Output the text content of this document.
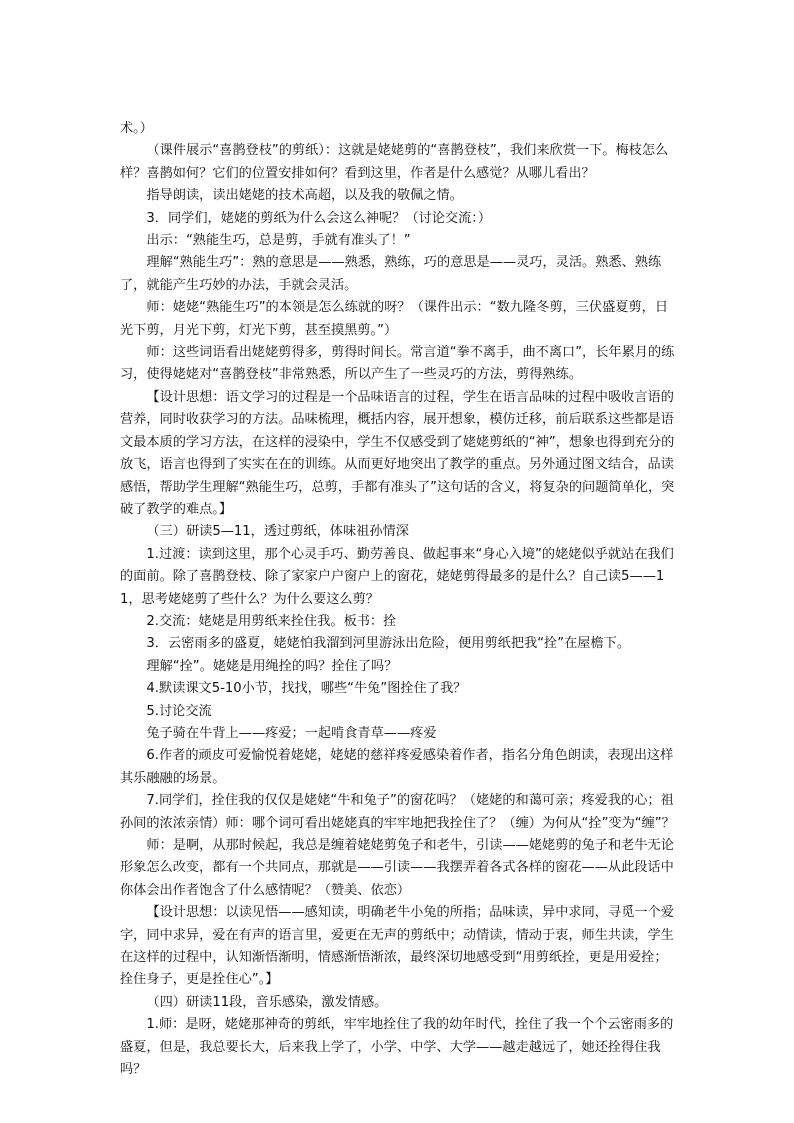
术。）

（课件展示“喜鹊登枝”的剪纸）：这就是姥姥剪的“喜鹊登枝”，我们来欣赏一下。梅枝怎么样？喜鹊如何？它们的位置安排如何？看到这里，作者是什么感觉？从哪儿看出？

指导朗读，读出姥姥的技术高超，以及我的敬佩之情。

3．同学们，姥姥的剪纸为什么会这么神呢？（讨论交流：）

出示：“熟能生巧，总是剪，手就有准头了！”

理解“熟能生巧”：熟的意思是——熟悉，熟练，巧的意思是——灵巧，灵活。熟悉、熟练了，就能产生巧妙的办法，手就会灵活。

师：姥姥“熟能生巧”的本领是怎么练就的呀？（课件出示：“数九隆冬剪，三伏盛夏剪，日光下剪，月光下剪，灯光下剪，甚至摸黑剪。”）

师：这些词语看出姥姥剪得多，剪得时间长。常言道“拳不离手，曲不离口”，长年累月的练习，使得姥姥对“喜鹊登枝”非常熟悉，所以产生了一些灵巧的方法，剪得熟练。

【设计思想：语文学习的过程是一个品味语言的过程，学生在语言品味的过程中吸收言语的营养，同时收获学习的方法。品味梳理，概括内容，展开想象，模仿迁移，前后联系这些都是语文最本质的学习方法，在这样的浸染中，学生不仅感受到了姥姥剪纸的“神”，想象也得到充分的放飞，语言也得到了实实在在的训练。从而更好地突出了教学的重点。另外通过图文结合，品读感悟，帮助学生理解“熟能生巧，总剪，手都有准头了”这句话的含义，将复杂的问题简单化，突破了教学的难点。】

（三）研读5—11，透过剪纸，体味祖孙情深

1.过渡：读到这里，那个心灵手巧、勤劳善良、做起事来“身心入境”的姥姥似乎就站在我们的面前。除了喜鹊登枝、除了家家户户窗户上的窗花，姥姥剪得最多的是什么？自己读5——11，思考姥姥剪了些什么？为什么要这么剪？

2.交流：姥姥是用剪纸来拴住我。板书：拴

3．云密雨多的盛夏，姥姥怕我溜到河里游泳出危险，便用剪纸把我“拴”在屋檐下。

理解“拴”。姥姥是用绳拴的吗？拴住了吗？

4.默读课文5-10小节，找找，哪些“牛兔”图拴住了我？

5.讨论交流

兔子骑在牛背上——疼爱；一起啃食青草——疼爱

6.作者的顽皮可爱愉悦着姥姥，姥姥的慈祥疼爱感染着作者，指名分角色朗读，表现出这样其乐融融的场景。

7.同学们，拴住我的仅仅是姥姥“牛和兔子”的窗花吗？（姥姥的和蔼可亲；疼爱我的心；祖孙间的浓浓亲情）师：哪个词可看出姥姥真的牢牢地把我拴住了？（缠）为何从“拴”变为“缠”？

师：是啊，从那时候起，我总是缠着姥姥剪兔子和老牛，引读——姥姥剪的兔子和老牛无论形象怎么改变，都有一个共同点，那就是——引读——我摆弄着各式各样的窗花——从此段话中你体会出作者饱含了什么感情呢？（赞美、依恋）

【设计思想：以读见悟——感知读，明确老牛小兔的所指；品味读，异中求同，寻觅一个爱字，同中求异，爱在有声的语言里，爱更在无声的剪纸中；动情读，情动于衷，师生共读，学生在这样的过程中，认知渐悟渐明，情感渐悟渐浓，最终深切地感受到“用剪纸拴，更是用爱拴；拴住身子，更是拴住心”。】

（四）研读11段，音乐感染，激发情感。

1.师：是呀，姥姥那神奇的剪纸，牢牢地拴住了我的幼年时代，拴住了我一个个云密雨多的盛夏，但是，我总要长大，后来我上学了，小学、中学、大学——越走越远了，她还拴得住我吗？
